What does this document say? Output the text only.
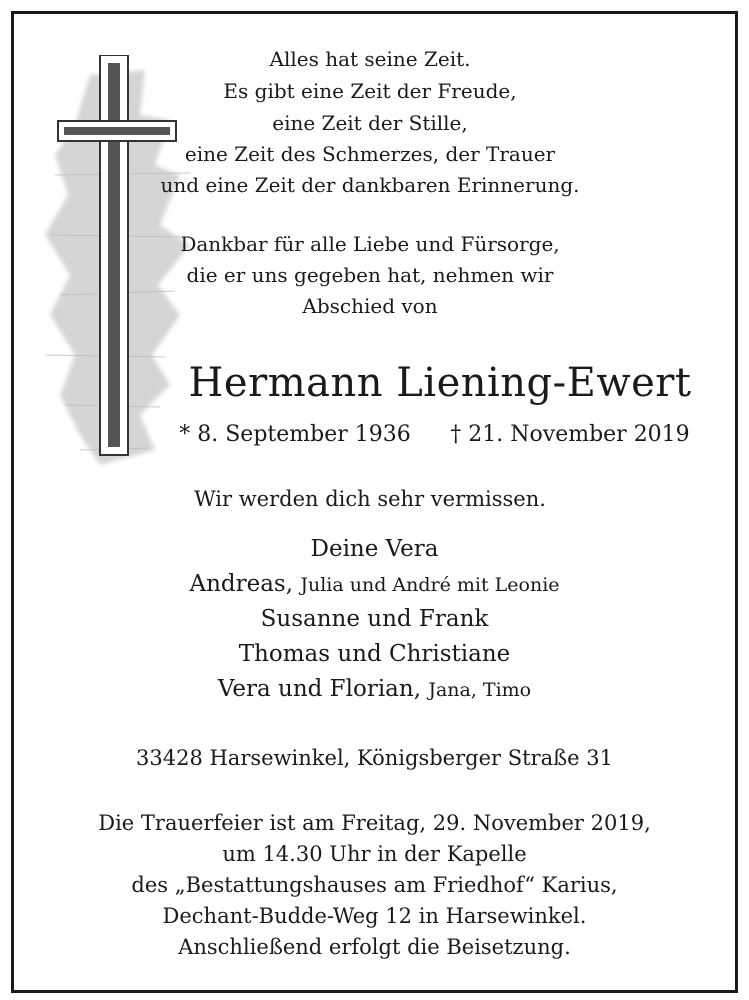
Alles hat seine Zeit.
Es gibt eine Zeit der Freude,
eine Zeit der Stille,
eine Zeit des Schmerzes, der Trauer
und eine Zeit der dankbaren Erinnerung.
Dankbar für alle Liebe und Fürsorge,
die er uns gegeben hat, nehmen wir
Abschied von
Hermann Liening-Ewert
* 8. September 1936	† 21. November 2019
Wir werden dich sehr vermissen.
Deine Vera
Andreas, Julia und André mit Leonie
Susanne und Frank
Thomas und Christiane
Vera und Florian, Jana, Timo
33428 Harsewinkel, Königsberger Straße 31
Die Trauerfeier ist am Freitag, 29. November 2019,
um 14.30 Uhr in der Kapelle
des „Bestattungshauses am Friedhof“ Karius,
Dechant-Budde-Weg 12 in Harsewinkel.
Anschließend erfolgt die Beisetzung.
